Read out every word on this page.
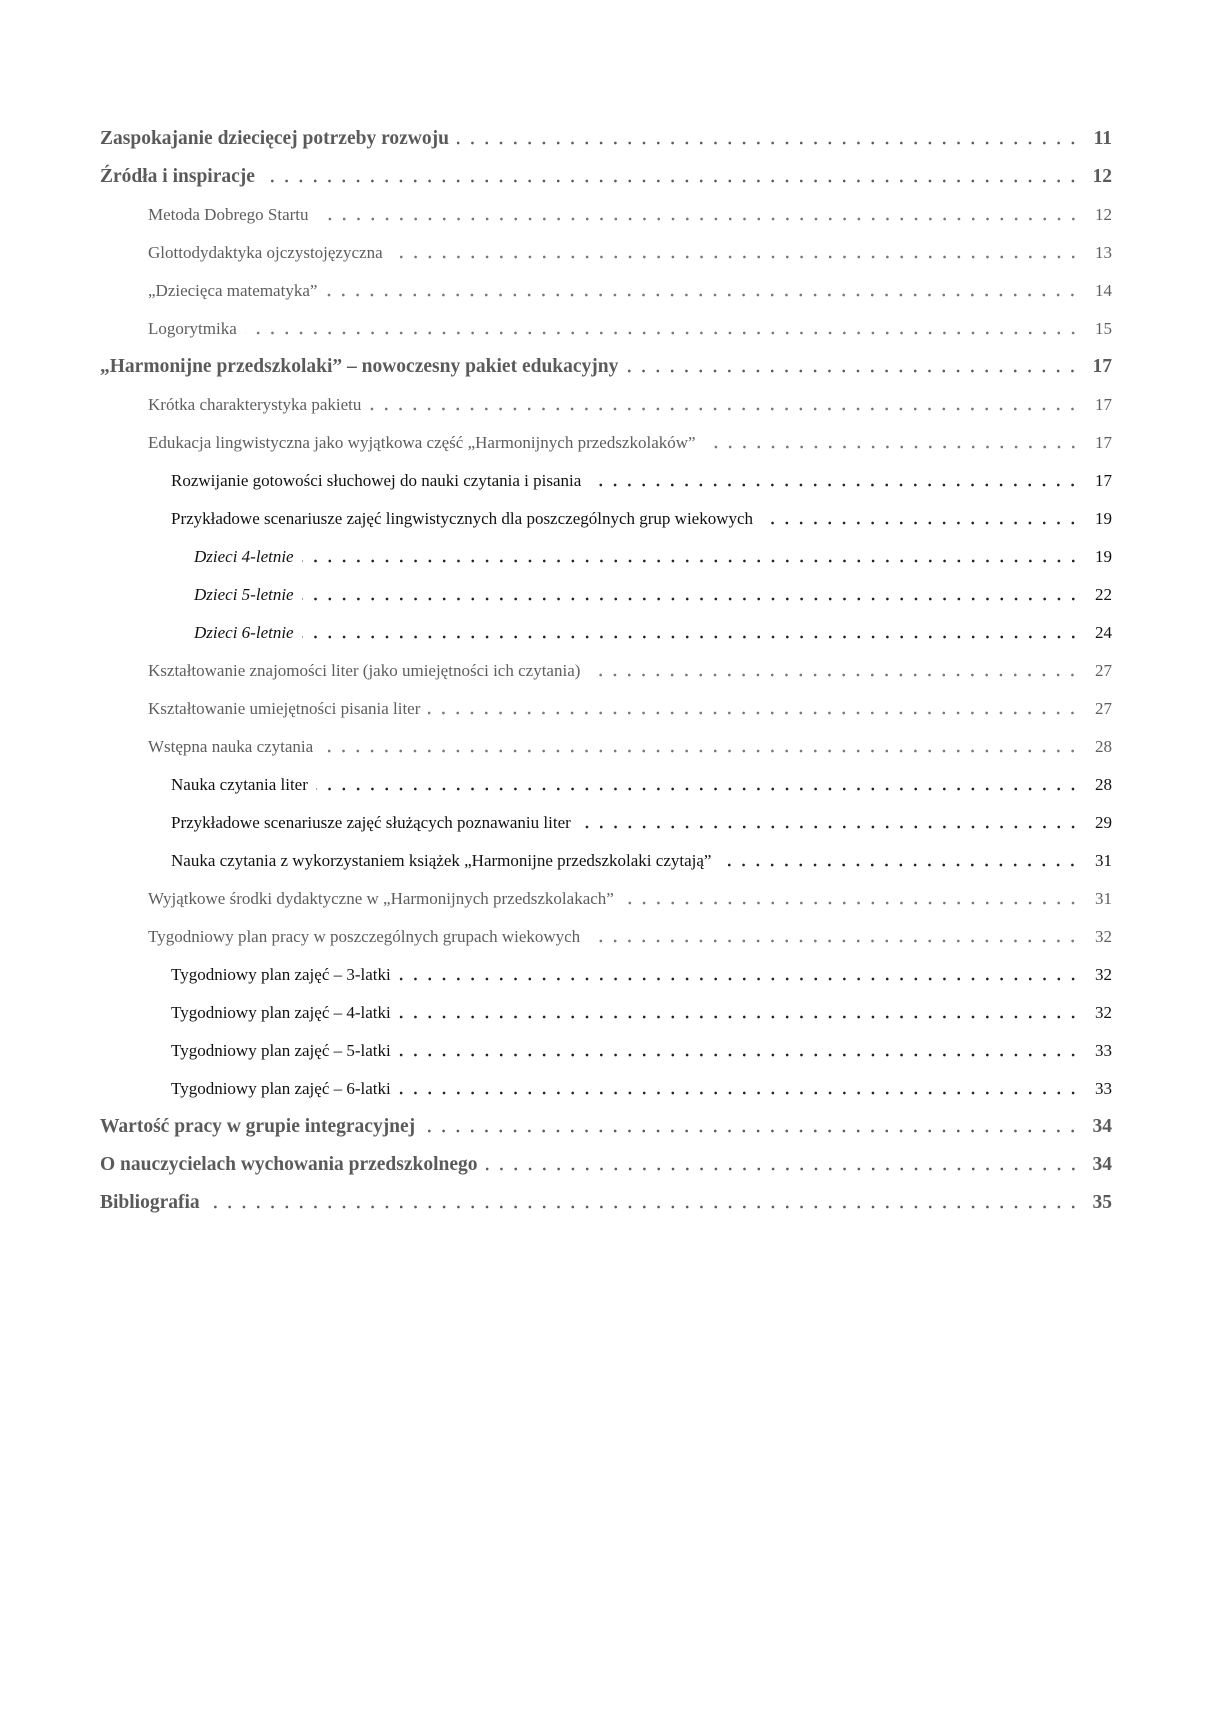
Zaspokajanie dziecięcej potrzeby rozwoju	11
Źródła i inspiracje	12
Metoda Dobrego Startu	12
Glottodydaktyka ojczystojęzyczna	13
„Dziecięca matematyka”	14
Logorytmika	15
„Harmonijne przedszkolaki” – nowoczesny pakiet edukacyjny	17
Krótka charakterystyka pakietu	17
Edukacja lingwistyczna jako wyjątkowa część „Harmonijnych przedszkolaków”	17
Rozwijanie gotowości słuchowej do nauki czytania i pisania	17
Przykładowe scenariusze zajęć lingwistycznych dla poszczególnych grup wiekowych	19
Dzieci 4-letnie	19
Dzieci 5-letnie	22
Dzieci 6-letnie	24
Kształtowanie znajomości liter (jako umiejętności ich czytania)	27
Kształtowanie umiejętności pisania liter	27
Wstępna nauka czytania	28
Nauka czytania liter	28
Przykładowe scenariusze zajęć służących poznawaniu liter	29
Nauka czytania z wykorzystaniem książek „Harmonijne przedszkolaki czytają”	31
Wyjątkowe środki dydaktyczne w „Harmonijnych przedszkolakach”	31
Tygodniowy plan pracy w poszczególnych grupach wiekowych	32
Tygodniowy plan zajęć – 3-latki	32
Tygodniowy plan zajęć – 4-latki	32
Tygodniowy plan zajęć – 5-latki	33
Tygodniowy plan zajęć – 6-latki	33
Wartość pracy w grupie integracyjnej	34
O nauczycielach wychowania przedszkolnego	34
Bibliografia	35
